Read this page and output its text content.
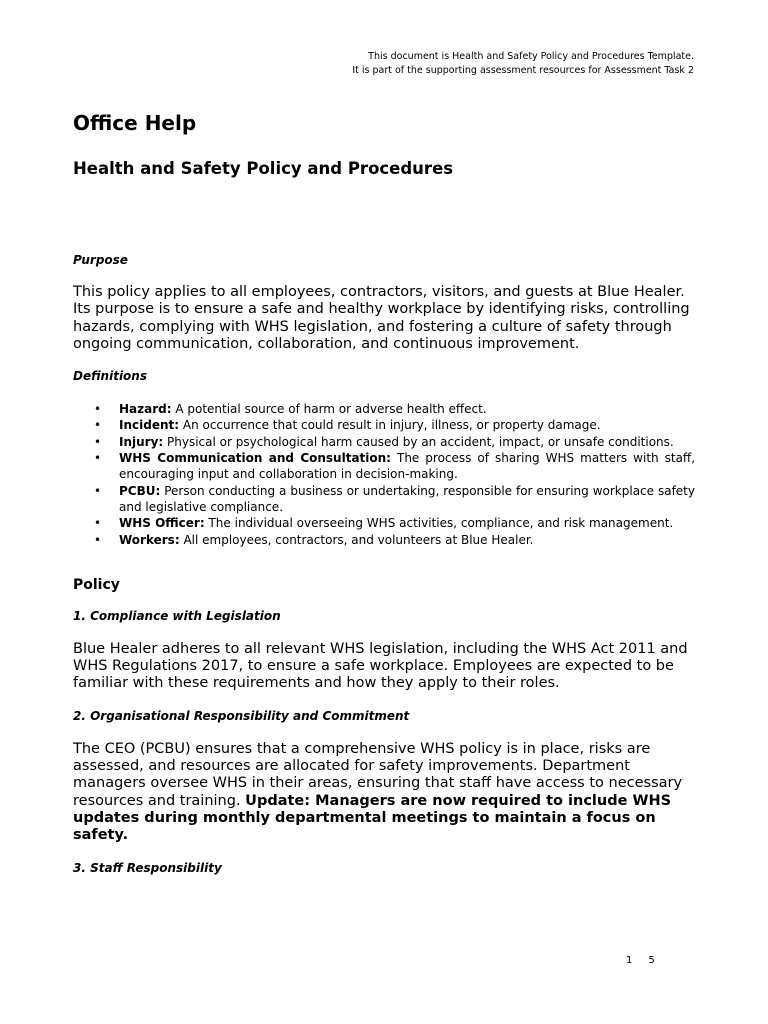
This document is Health and Safety Policy and Procedures Template.
It is part of the supporting assessment resources for Assessment Task 2
Office Help
Health and Safety Policy and Procedures
Purpose

This policy applies to all employees, contractors, visitors, and guests at Blue Healer. Its purpose is to ensure a safe and healthy workplace by identifying risks, controlling hazards, complying with WHS legislation, and fostering a culture of safety through ongoing communication, collaboration, and continuous improvement.

Definitions
• Hazard: A potential source of harm or adverse health effect.
• Incident: An occurrence that could result in injury, illness, or property damage.
• Injury: Physical or psychological harm caused by an accident, impact, or unsafe conditions.
• WHS Communication and Consultation: The process of sharing WHS matters with staff, encouraging input and collaboration in decision-making.
• PCBU: Person conducting a business or undertaking, responsible for ensuring workplace safety and legislative compliance.
• WHS Officer: The individual overseeing WHS activities, compliance, and risk management.
• Workers: All employees, contractors, and volunteers at Blue Healer.
Policy
1. Compliance with Legislation

Blue Healer adheres to all relevant WHS legislation, including the WHS Act 2011 and WHS Regulations 2017, to ensure a safe workplace. Employees are expected to be familiar with these requirements and how they apply to their roles.

2. Organisational Responsibility and Commitment

The CEO (PCBU) ensures that a comprehensive WHS policy is in place, risks are assessed, and resources are allocated for safety improvements. Department managers oversee WHS in their areas, ensuring that staff have access to necessary resources and training. Update: Managers are now required to include WHS updates during monthly departmental meetings to maintain a focus on safety.

3. Staff Responsibility
1 5
